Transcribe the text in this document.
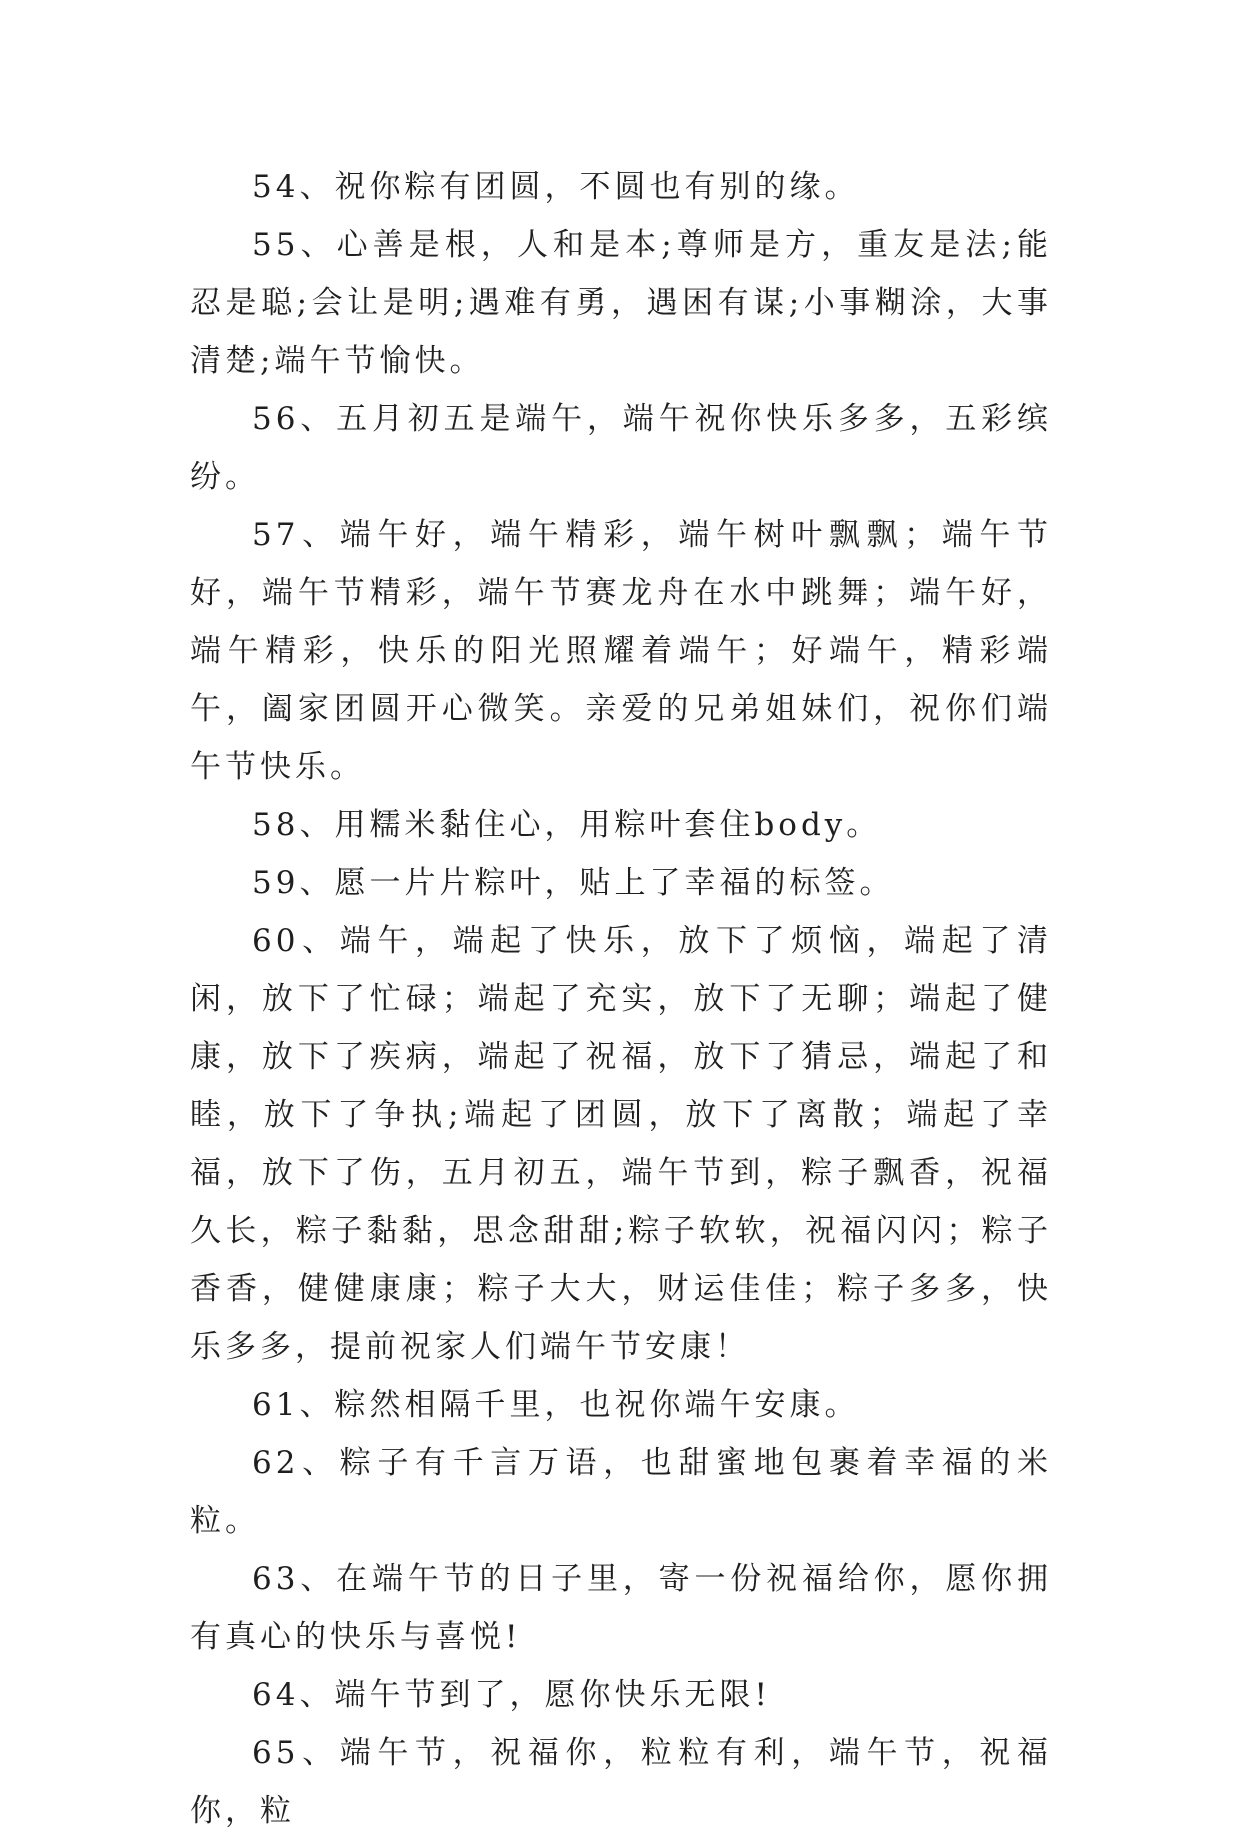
54、祝你粽有团圆，不圆也有别的缘。

55、心善是根，人和是本;尊师是方，重友是法;能忍是聪;会让是明;遇难有勇，遇困有谋;小事糊涂，大事清楚;端午节愉快。

56、五月初五是端午，端午祝你快乐多多，五彩缤纷。

57、端午好，端午精彩，端午树叶飘飘；端午节好，端午节精彩，端午节赛龙舟在水中跳舞；端午好，端午精彩，快乐的阳光照耀着端午；好端午，精彩端午，阖家团圆开心微笑。亲爱的兄弟姐妹们，祝你们端午节快乐。

58、用糯米黏住心，用粽叶套住body。

59、愿一片片粽叶，贴上了幸福的标签。

60、端午，端起了快乐，放下了烦恼，端起了清闲，放下了忙碌；端起了充实，放下了无聊；端起了健康，放下了疾病，端起了祝福，放下了猜忌，端起了和睦，放下了争执;端起了团圆，放下了离散；端起了幸福，放下了伤，五月初五，端午节到，粽子飘香，祝福久长，粽子黏黏，思念甜甜;粽子软软，祝福闪闪；粽子香香，健健康康；粽子大大，财运佳佳；粽子多多，快乐多多，提前祝家人们端午节安康！

61、粽然相隔千里，也祝你端午安康。

62、粽子有千言万语，也甜蜜地包裹着幸福的米粒。

63、在端午节的日子里，寄一份祝福给你，愿你拥有真心的快乐与喜悦!

64、端午节到了，愿你快乐无限!

65、端午节，祝福你，粒粒有利，端午节，祝福你，粒
